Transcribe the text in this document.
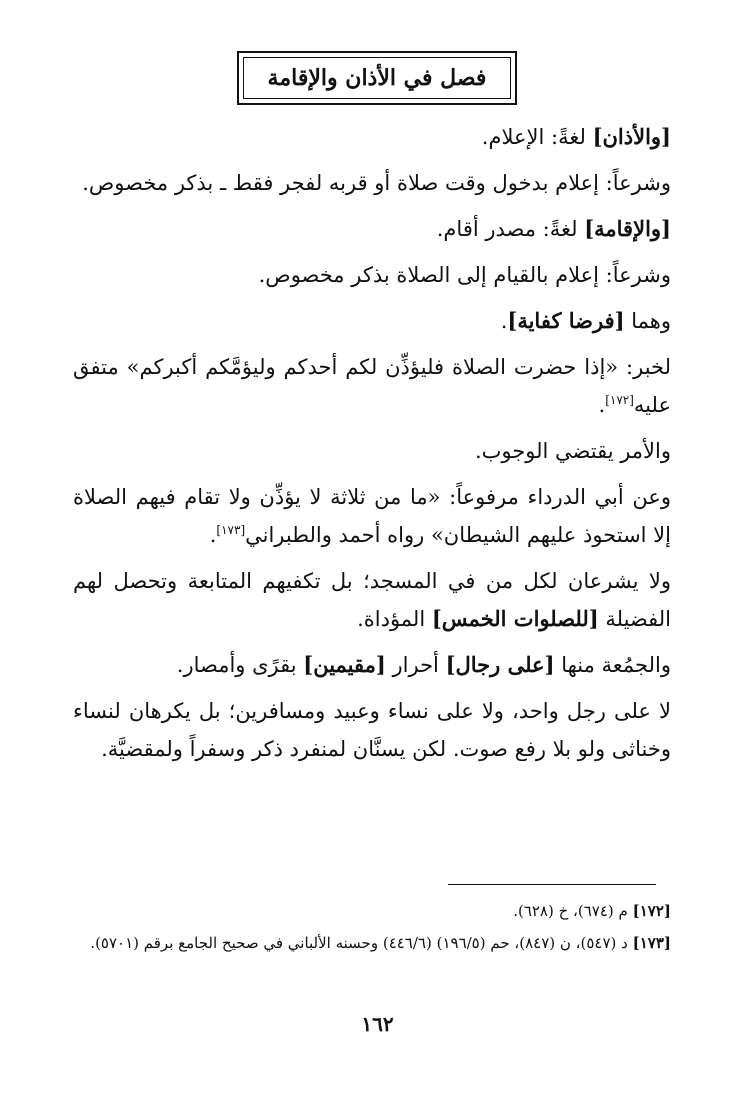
فصل في الأذان والإقامة

[والأذان] لغةً: الإعلام.

وشرعاً: إعلام بدخول وقت صلاة أو قربه لفجر فقط ـ بذكر مخصوص.

[والإقامة] لغةً: مصدر أقام.

وشرعاً: إعلام بالقيام إلى الصلاة بذكر مخصوص.

وهما [فرضا كفاية].

لخبر: «إذا حضرت الصلاة فليؤذِّن لكم أحدكم وليؤمَّكم أكبركم» متفق عليه[١٧٢].

والأمر يقتضي الوجوب.

وعن أبي الدرداء مرفوعاً: «ما من ثلاثة لا يؤذِّن ولا تقام فيهم الصلاة إلا استحوذ عليهم الشيطان» رواه أحمد والطبراني[١٧٣].

ولا يشرعان لكل من في المسجد؛ بل تكفيهم المتابعة وتحصل لهم الفضيلة [للصلوات الخمس] المؤداة.

والجمُعة منها [على رجال] أحرار [مقيمين] بقرًى وأمصار.

لا على رجل واحد، ولا على نساء وعبيد ومسافرين؛ بل يكرهان لنساء وخناثى ولو بلا رفع صوت. لكن يسنَّان لمنفرد ذكر وسفراً ولمقضيَّة.

[١٧٢] م (٦٧٤)، خ (٦٢٨).

[١٧٣] د (٥٤٧)، ن (٨٤٧)، حم (١٩٦/٥) (٤٤٦/٦) وحسنه الألباني في صحيح الجامع برقم (٥٧٠١).

١٦٢
